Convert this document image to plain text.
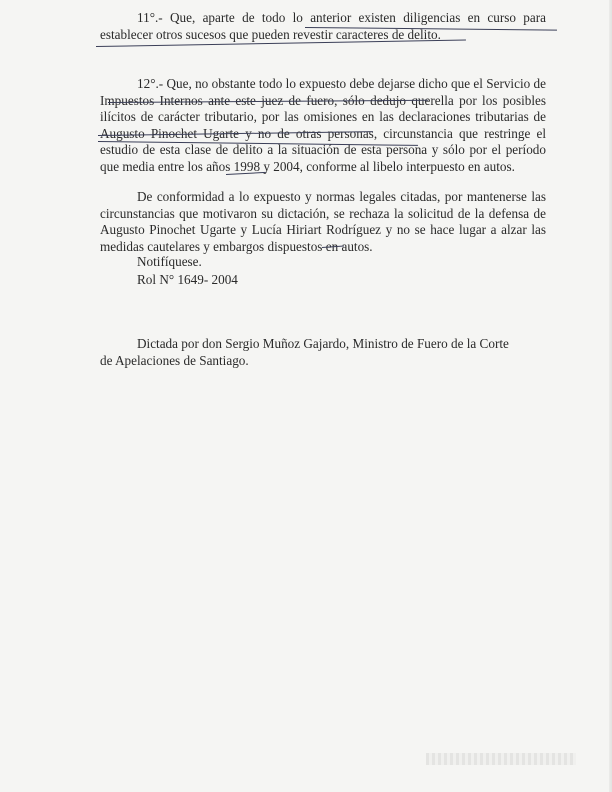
11°.- Que, aparte de todo lo anterior existen diligencias en curso para establecer otros sucesos que pueden revestir caracteres de delito.

12°.- Que, no obstante todo lo expuesto debe dejarse dicho que el Servicio de Impuestos Internos ante este juez de fuero, sólo dedujo querella por los posibles ilícitos de carácter tributario, por las omisiones en las declaraciones tributarias de Augusto Pinochet Ugarte y no de otras personas, circunstancia que restringe el estudio de esta clase de delito a la situación de esta persona y sólo por el período que media entre los años 1998 y 2004, conforme al libelo interpuesto en autos.

De conformidad a lo expuesto y normas legales citadas, por mantenerse las circunstancias que motivaron su dictación, se rechaza la solicitud de la defensa de Augusto Pinochet Ugarte y Lucía Hiriart Rodríguez y no se hace lugar a alzar las medidas cautelares y embargos dispuestos en autos.

Notifíquese.

Rol N° 1649- 2004

Dictada por don Sergio Muñoz Gajardo, Ministro de Fuero de la Corte

de Apelaciones de Santiago.
